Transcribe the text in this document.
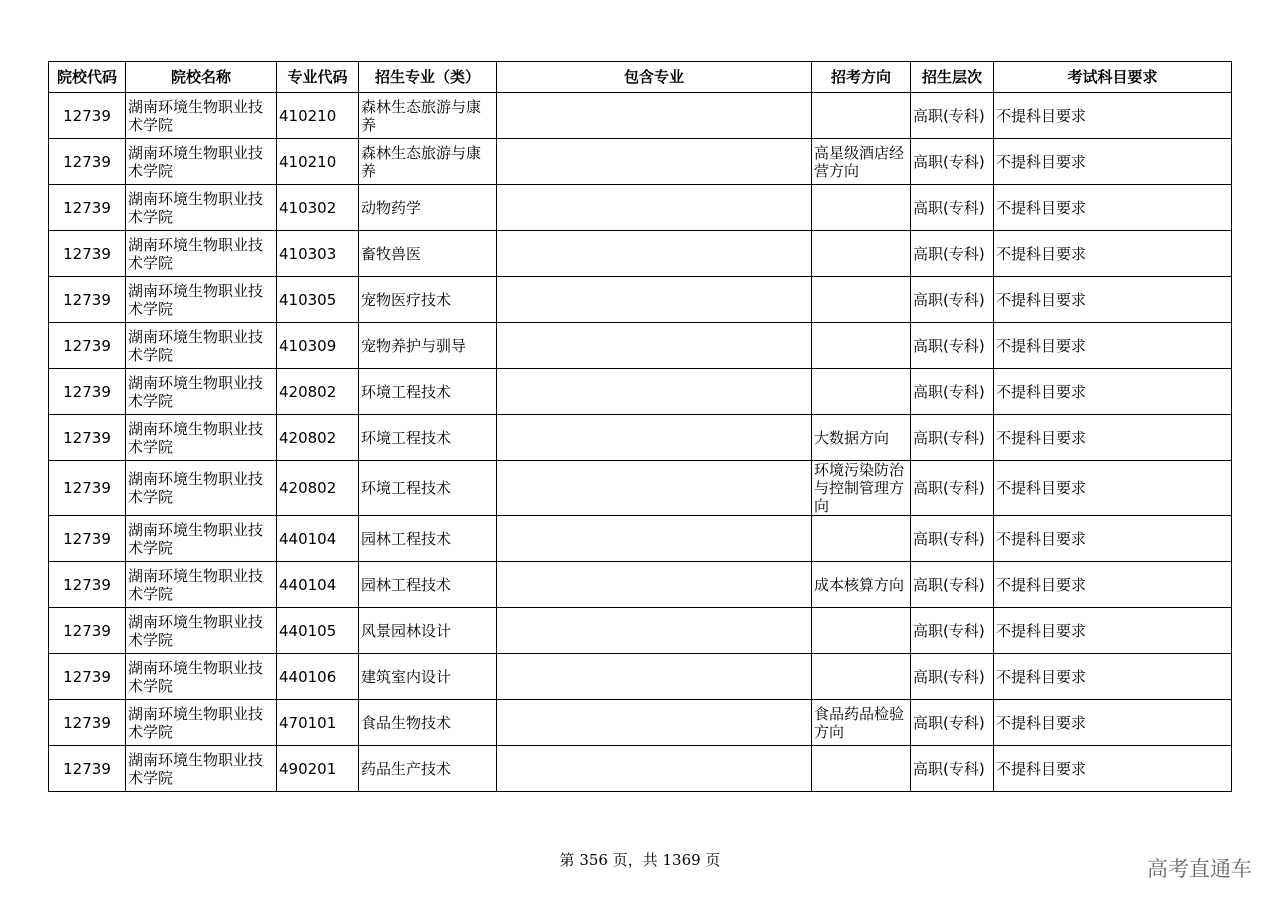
院校代码	院校名称	专业代码	招生专业（类）	包含专业	招考方向	招生层次	考试科目要求
12739	湖南环境生物职业技术学院	410210	森林生态旅游与康养			高职(专科)	不提科目要求
12739	湖南环境生物职业技术学院	410210	森林生态旅游与康养		高星级酒店经营方向	高职(专科)	不提科目要求
12739	湖南环境生物职业技术学院	410302	动物药学			高职(专科)	不提科目要求
12739	湖南环境生物职业技术学院	410303	畜牧兽医			高职(专科)	不提科目要求
12739	湖南环境生物职业技术学院	410305	宠物医疗技术			高职(专科)	不提科目要求
12739	湖南环境生物职业技术学院	410309	宠物养护与驯导			高职(专科)	不提科目要求
12739	湖南环境生物职业技术学院	420802	环境工程技术			高职(专科)	不提科目要求
12739	湖南环境生物职业技术学院	420802	环境工程技术		大数据方向	高职(专科)	不提科目要求
12739	湖南环境生物职业技术学院	420802	环境工程技术		环境污染防治与控制管理方向	高职(专科)	不提科目要求
12739	湖南环境生物职业技术学院	440104	园林工程技术			高职(专科)	不提科目要求
12739	湖南环境生物职业技术学院	440104	园林工程技术		成本核算方向	高职(专科)	不提科目要求
12739	湖南环境生物职业技术学院	440105	风景园林设计			高职(专科)	不提科目要求
12739	湖南环境生物职业技术学院	440106	建筑室内设计			高职(专科)	不提科目要求
12739	湖南环境生物职业技术学院	470101	食品生物技术		食品药品检验方向	高职(专科)	不提科目要求
12739	湖南环境生物职业技术学院	490201	药品生产技术			高职(专科)	不提科目要求
第 356 页，共 1369 页	高考直通车
